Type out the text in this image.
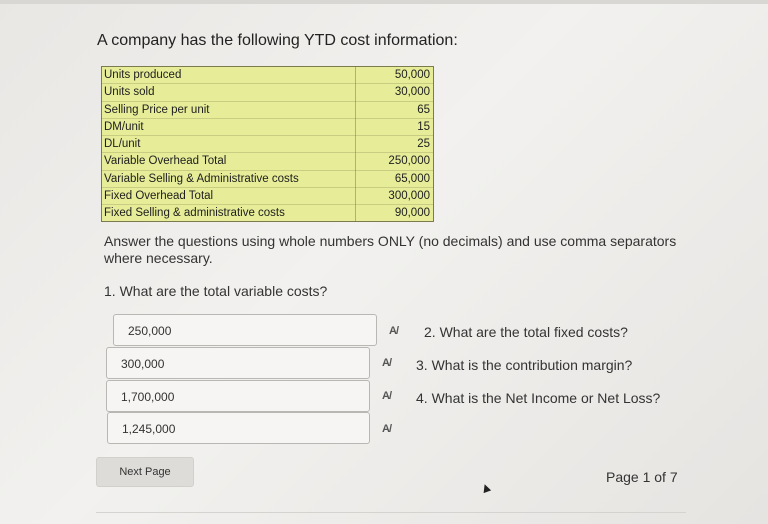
A company has the following YTD cost information:
Units produced	50,000
Units sold	30,000
Selling Price per unit	65
DM/unit	15
DL/unit	25
Variable Overhead Total	250,000
Variable Selling & Administrative costs	65,000
Fixed Overhead Total	300,000
Fixed Selling & administrative costs	90,000
Answer the questions using whole numbers ONLY (no decimals) and use comma separators where necessary.
1. What are the total variable costs?
250,000
300,000
1,700,000
1,245,000
A/
A/
A/
A/
2. What are the total fixed costs?
3. What is the contribution margin?
4. What is the Net Income or Net Loss?
Next Page	Page 1 of 7
